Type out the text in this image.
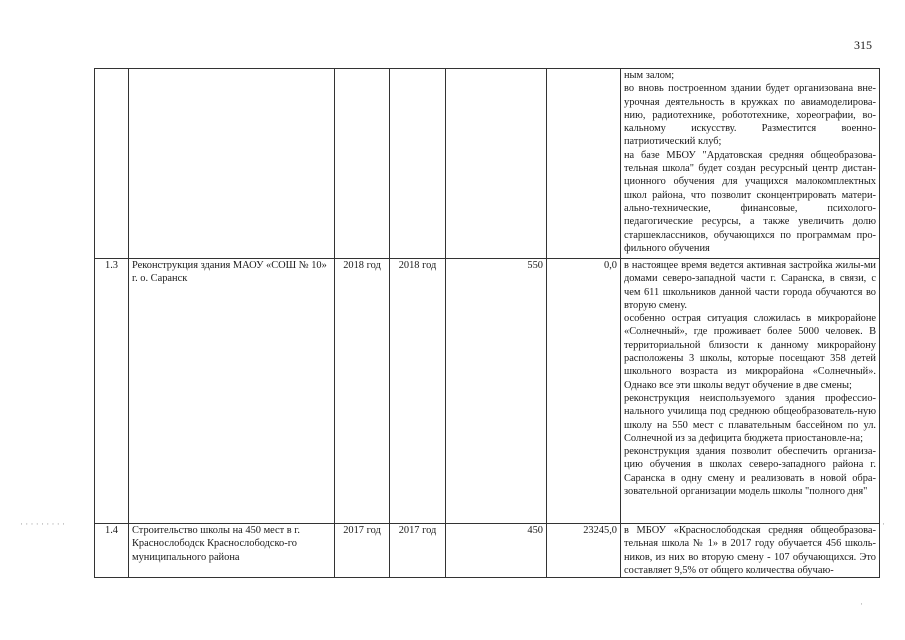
315

						ным залом;
во вновь построенном здании будет организована вне-урочная деятельность в кружках по авиамоделирова-нию, радиотехнике, робототехнике, хореографии, во-кальному искусству. Разместится военно-патриотический клуб;
на базе МБОУ "Ардатовская средняя общеобразова-тельная школа" будет создан ресурсный центр дистан-ционного обучения для учащихся малокомплектных школ района, что позволит сконцентрировать матери-ально-технические, финансовые, психолого-педагогические ресурсы, а также увеличить долю старшеклассников, обучающихся по программам про-фильного обучения

1.3	Реконструкция здания МАОУ «СОШ № 10» г. о. Саранск	2018 год	2018 год	550	0,0	в настоящее время ведется активная застройка жилы-ми домами северо-западной части г. Саранска, в связи, с чем 611 школьников данной части города обучаются во вторую смену.
особенно острая ситуация сложилась в микрорайоне «Солнечный», где проживает более 5000 человек. В территориальной близости к данному микрорайону расположены 3 школы, которые посещают 358 детей школьного возраста из микрорайона «Солнечный». Однако все эти школы ведут обучение в две смены;
реконструкция неиспользуемого здания профессио-нального училища под среднюю общеобразователь-ную школу на 550 мест с плавательным бассейном по ул. Солнечной из за дефицита бюджета приостановле-на;
реконструкция здания позволит обеспечить организа-цию обучения в школах северо-западного района г. Саранска в одну смену и реализовать в новой обра-зовательной организации модель школы "полного дня"

1.4	Строительство школы на 450 мест в г. Краснослободск Краснослободско-го муниципального района	2017 год	2017 год	450	23245,0	в МБОУ «Краснослободская средняя общеобразова-тельная школа № 1» в 2017 году обучается 456 школь-ников, из них во вторую смену - 107 обучающихся. Это составляет 9,5% от общего количества обучаю-
· · · · · · · · ·	·
·
